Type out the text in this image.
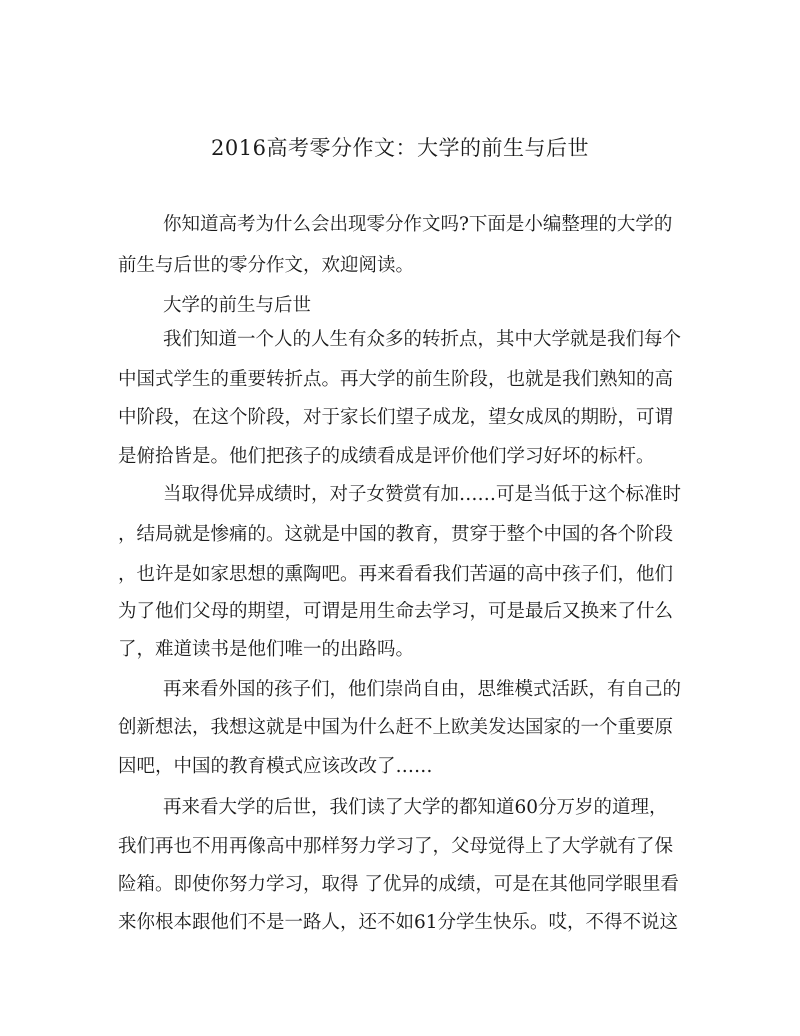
2016高考零分作文：大学的前生与后世
你知道高考为什么会出现零分作文吗?下面是小编整理的大学的
前生与后世的零分作文，欢迎阅读。
大学的前生与后世
我们知道一个人的人生有众多的转折点，其中大学就是我们每个
中国式学生的重要转折点。再大学的前生阶段，也就是我们熟知的高
中阶段，在这个阶段，对于家长们望子成龙，望女成凤的期盼，可谓
是俯拾皆是。他们把孩子的成绩看成是评价他们学习好坏的标杆。
当取得优异成绩时，对子女赞赏有加……可是当低于这个标准时
，结局就是惨痛的。这就是中国的教育，贯穿于整个中国的各个阶段
，也许是如家思想的熏陶吧。再来看看我们苦逼的高中孩子们，他们
为了他们父母的期望，可谓是用生命去学习，可是最后又换来了什么
了，难道读书是他们唯一的出路吗。
再来看外国的孩子们，他们崇尚自由，思维模式活跃，有自己的
创新想法，我想这就是中国为什么赶不上欧美发达国家的一个重要原
因吧，中国的教育模式应该改改了……
再来看大学的后世，我们读了大学的都知道60分万岁的道理，
我们再也不用再像高中那样努力学习了，父母觉得上了大学就有了保
险箱。即使你努力学习，取得 了优异的成绩，可是在其他同学眼里看
来你根本跟他们不是一路人，还不如61分学生快乐。哎，不得不说这
